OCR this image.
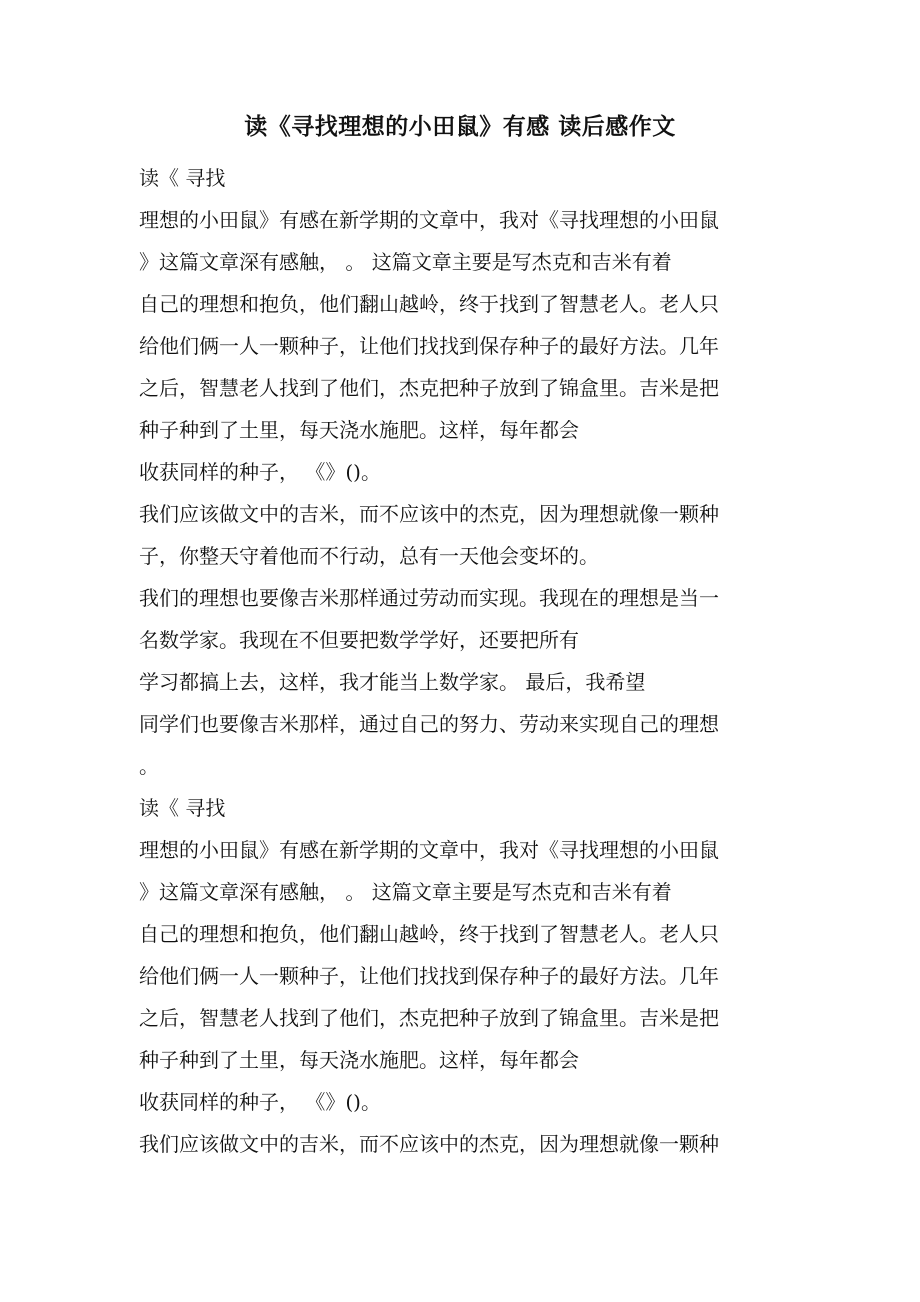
读《寻找理想的小田鼠》有感 读后感作文
读《 寻找
理想的小田鼠》有感在新学期的文章中，我对《寻找理想的小田鼠
》这篇文章深有感触， 。 这篇文章主要是写杰克和吉米有着
自己的理想和抱负，他们翻山越岭，终于找到了智慧老人。老人只
给他们俩一人一颗种子，让他们找找到保存种子的最好方法。几年
之后，智慧老人找到了他们，杰克把种子放到了锦盒里。吉米是把
种子种到了土里，每天浇水施肥。这样，每年都会
收获同样的种子， 《》()。
我们应该做文中的吉米，而不应该中的杰克，因为理想就像一颗种
子，你整天守着他而不行动，总有一天他会变坏的。
我们的理想也要像吉米那样通过劳动而实现。我现在的理想是当一
名数学家。我现在不但要把数学学好，还要把所有
学习都搞上去，这样，我才能当上数学家。 最后，我希望
同学们也要像吉米那样，通过自己的努力、劳动来实现自己的理想
。
读《 寻找
理想的小田鼠》有感在新学期的文章中，我对《寻找理想的小田鼠
》这篇文章深有感触， 。 这篇文章主要是写杰克和吉米有着
自己的理想和抱负，他们翻山越岭，终于找到了智慧老人。老人只
给他们俩一人一颗种子，让他们找找到保存种子的最好方法。几年
之后，智慧老人找到了他们，杰克把种子放到了锦盒里。吉米是把
种子种到了土里，每天浇水施肥。这样，每年都会
收获同样的种子， 《》()。
我们应该做文中的吉米，而不应该中的杰克，因为理想就像一颗种
